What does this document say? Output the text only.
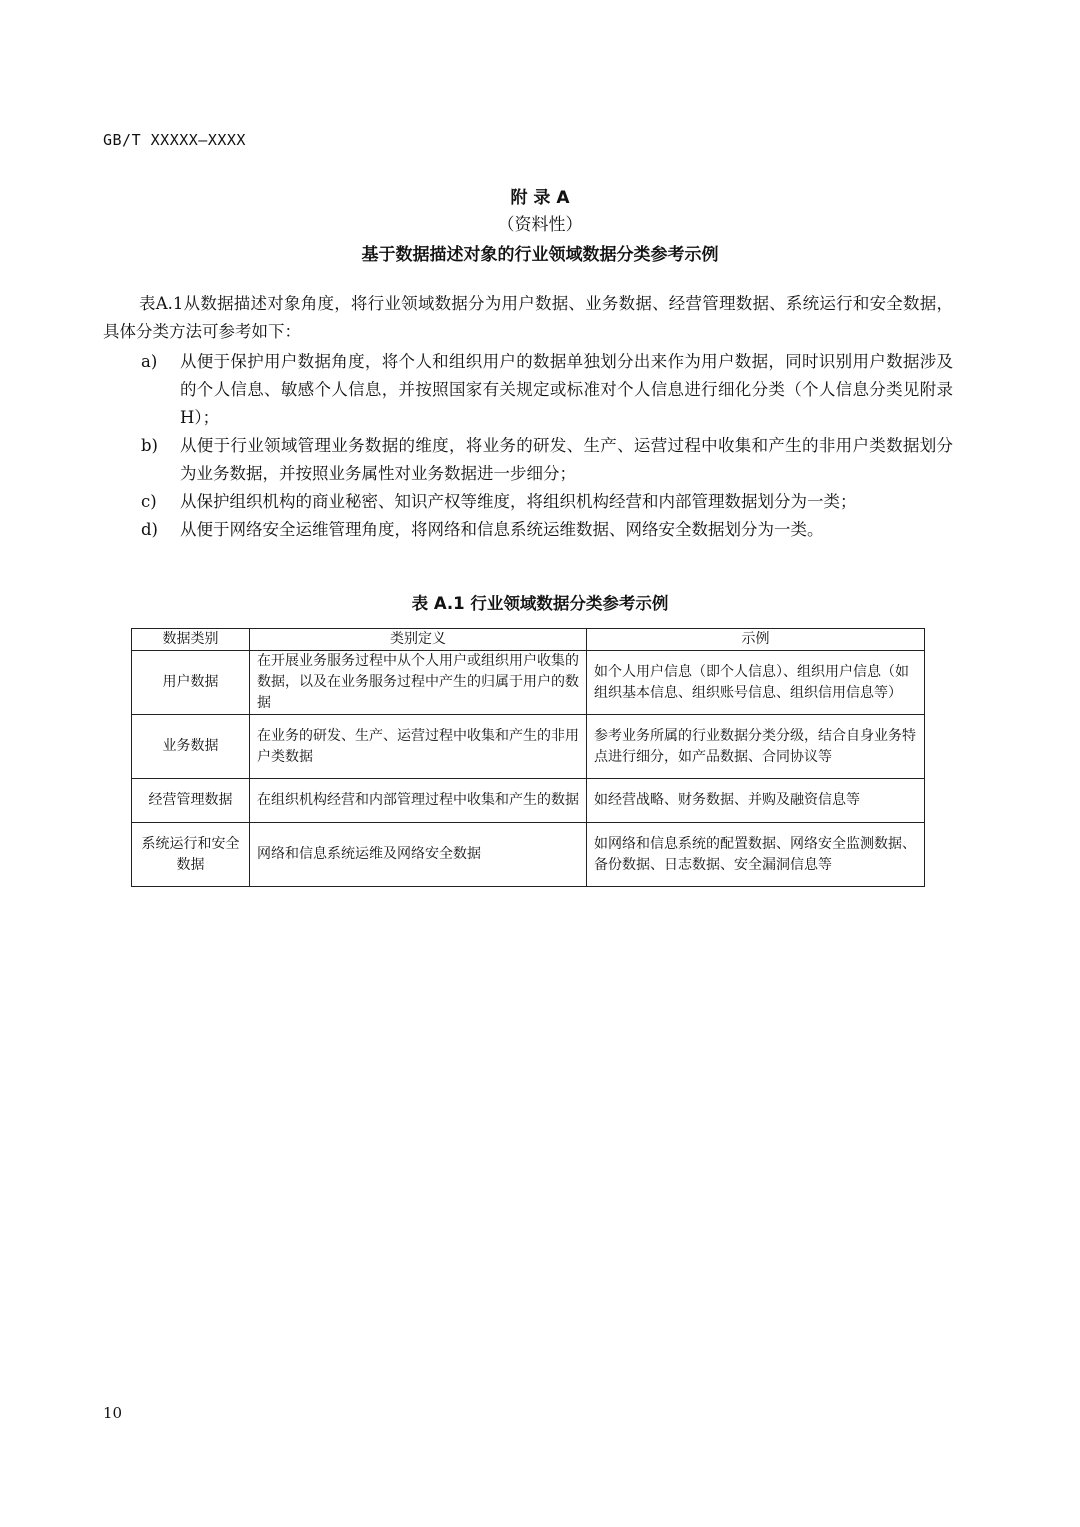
GB/T XXXXX—XXXX
附 录 A
（资料性）
基于数据描述对象的行业领域数据分类参考示例
表A.1从数据描述对象角度，将行业领域数据分为用户数据、业务数据、经营管理数据、系统运行和安全数据，具体分类方法可参考如下：
a) 从便于保护用户数据角度，将个人和组织用户的数据单独划分出来作为用户数据，同时识别用户数据涉及的个人信息、敏感个人信息，并按照国家有关规定或标准对个人信息进行细化分类（个人信息分类见附录H）；
b) 从便于行业领域管理业务数据的维度，将业务的研发、生产、运营过程中收集和产生的非用户类数据划分为业务数据，并按照业务属性对业务数据进一步细分；
c) 从保护组织机构的商业秘密、知识产权等维度，将组织机构经营和内部管理数据划分为一类；
d) 从便于网络安全运维管理角度，将网络和信息系统运维数据、网络安全数据划分为一类。
表 A.1 行业领域数据分类参考示例
数据类别	类别定义	示例
用户数据	在开展业务服务过程中从个人用户或组织用户收集的数据，以及在业务服务过程中产生的归属于用户的数据	如个人用户信息（即个人信息）、组织用户信息（如组织基本信息、组织账号信息、组织信用信息等）
业务数据	在业务的研发、生产、运营过程中收集和产生的非用户类数据	参考业务所属的行业数据分类分级，结合自身业务特点进行细分，如产品数据、合同协议等
经营管理数据	在组织机构经营和内部管理过程中收集和产生的数据	如经营战略、财务数据、并购及融资信息等
系统运行和安全数据	网络和信息系统运维及网络安全数据	如网络和信息系统的配置数据、网络安全监测数据、备份数据、日志数据、安全漏洞信息等
10
